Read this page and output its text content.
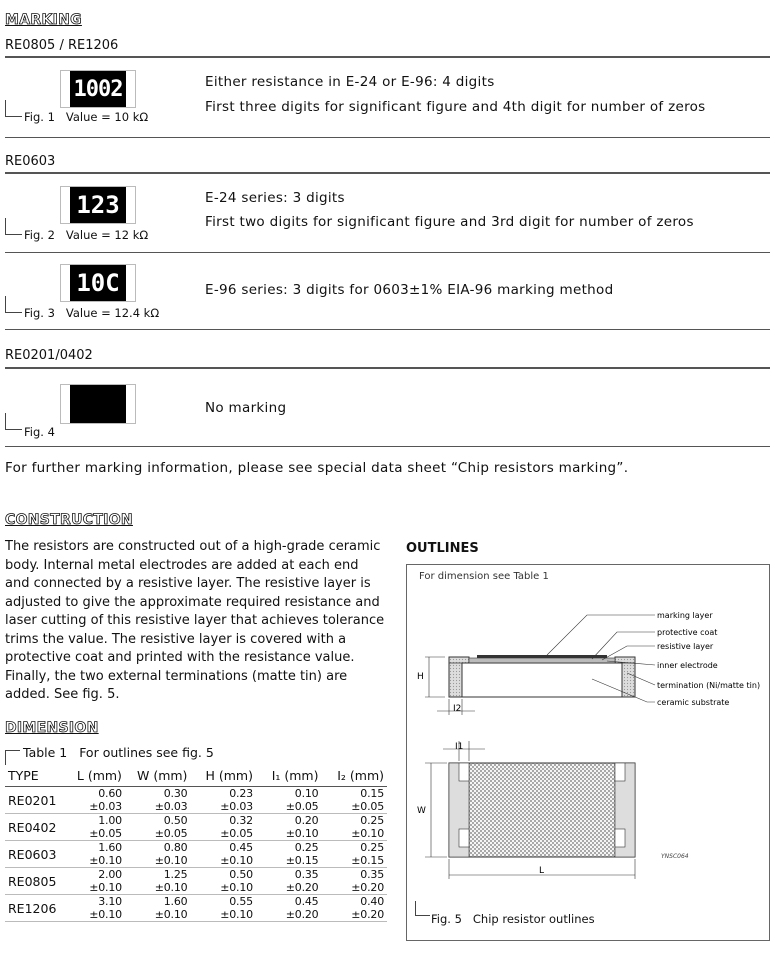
MARKING
RE0805 / RE1206
1002
Fig. 1 Value = 10 kΩ
Either resistance in E-24 or E-96: 4 digits
First three digits for significant figure and 4th digit for number of zeros
RE0603
123
Fig. 2 Value = 12 kΩ
E-24 series: 3 digits
First two digits for significant figure and 3rd digit for number of zeros
10C
Fig. 3 Value = 12.4 kΩ
E-96 series: 3 digits for 0603±1% EIA-96 marking method
RE0201/0402
Fig. 4
No marking
For further marking information, please see special data sheet “Chip resistors marking”.
CONSTRUCTION
The resistors are constructed out of a high-grade ceramic body. Internal metal electrodes are added at each end and connected by a resistive layer. The resistive layer is adjusted to give the approximate required resistance and laser cutting of this resistive layer that achieves tolerance trims the value. The resistive layer is covered with a protective coat and printed with the resistance value. Finally, the two external terminations (matte tin) are added. See fig. 5.
DIMENSION
Table 1 For outlines see fig. 5
TYPE	L (mm)	W (mm)	H (mm)	I₁ (mm)	I₂ (mm)
RE0201	0.60 ±0.03	0.30 ±0.03	0.23 ±0.03	0.10 ±0.05	0.15 ±0.05
RE0402	1.00 ±0.05	0.50 ±0.05	0.32 ±0.05	0.20 ±0.10	0.25 ±0.10
RE0603	1.60 ±0.10	0.80 ±0.10	0.45 ±0.10	0.25 ±0.15	0.25 ±0.15
RE0805	2.00 ±0.10	1.25 ±0.10	0.50 ±0.10	0.35 ±0.20	0.35 ±0.20
RE1206	3.10 ±0.10	1.60 ±0.10	0.55 ±0.10	0.45 ±0.20	0.40 ±0.20
OUTLINES
For dimension see Table 1
H
I2
marking layer
protective coat
resistive layer
inner electrode
termination (Ni/matte tin)
ceramic substrate
I1
W
L
YNSC064
Fig. 5 Chip resistor outlines
